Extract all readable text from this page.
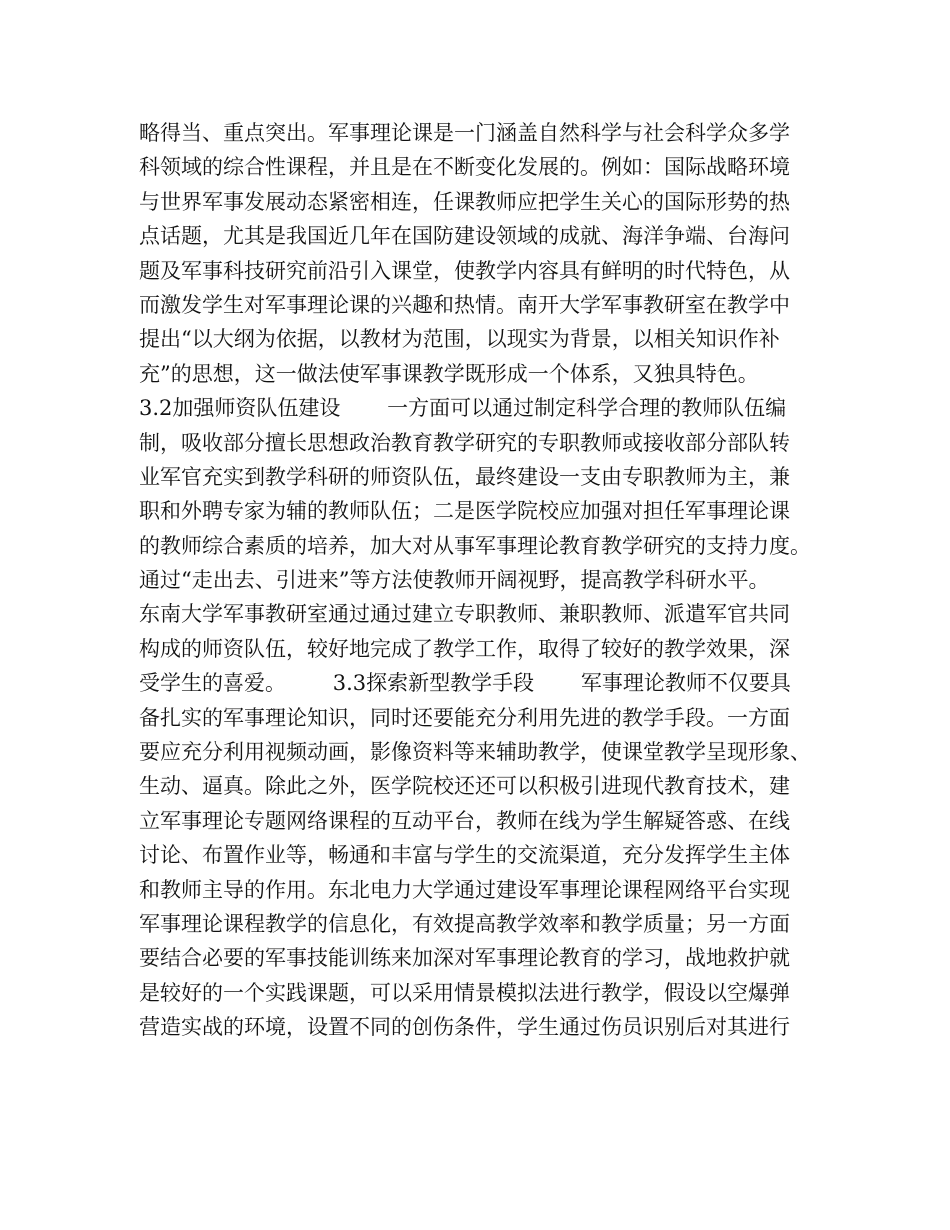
略得当、重点突出。军事理论课是一门涵盖自然科学与社会科学众多学
科领域的综合性课程，并且是在不断变化发展的。例如：国际战略环境
与世界军事发展动态紧密相连，任课教师应把学生关心的国际形势的热
点话题，尤其是我国近几年在国防建设领域的成就、海洋争端、台海问
题及军事科技研究前沿引入课堂，使教学内容具有鲜明的时代特色，从
而激发学生对军事理论课的兴趣和热情。南开大学军事教研室在教学中
提出“以大纲为依据，以教材为范围，以现实为背景，以相关知识作补
充”的思想，这一做法使军事课教学既形成一个体系，又独具特色。
3.2加强师资队伍建设       一方面可以通过制定科学合理的教师队伍编
制，吸收部分擅长思想政治教育教学研究的专职教师或接收部分部队转
业军官充实到教学科研的师资队伍，最终建设一支由专职教师为主，兼
职和外聘专家为辅的教师队伍；二是医学院校应加强对担任军事理论课
的教师综合素质的培养，加大对从事军事理论教育教学研究的支持力度。
通过“走出去、引进来”等方法使教师开阔视野，提高教学科研水平。
东南大学军事教研室通过通过建立专职教师、兼职教师、派遣军官共同
构成的师资队伍，较好地完成了教学工作，取得了较好的教学效果，深
受学生的喜爱。       3.3探索新型教学手段       军事理论教师不仅要具
备扎实的军事理论知识，同时还要能充分利用先进的教学手段。一方面
要应充分利用视频动画，影像资料等来辅助教学，使课堂教学呈现形象、
生动、逼真。除此之外，医学院校还还可以积极引进现代教育技术，建
立军事理论专题网络课程的互动平台，教师在线为学生解疑答惑、在线
讨论、布置作业等，畅通和丰富与学生的交流渠道，充分发挥学生主体
和教师主导的作用。东北电力大学通过建设军事理论课程网络平台实现
军事理论课程教学的信息化，有效提高教学效率和教学质量；另一方面
要结合必要的军事技能训练来加深对军事理论教育的学习，战地救护就
是较好的一个实践课题，可以采用情景模拟法进行教学，假设以空爆弹
营造实战的环境，设置不同的创伤条件，学生通过伤员识别后对其进行
